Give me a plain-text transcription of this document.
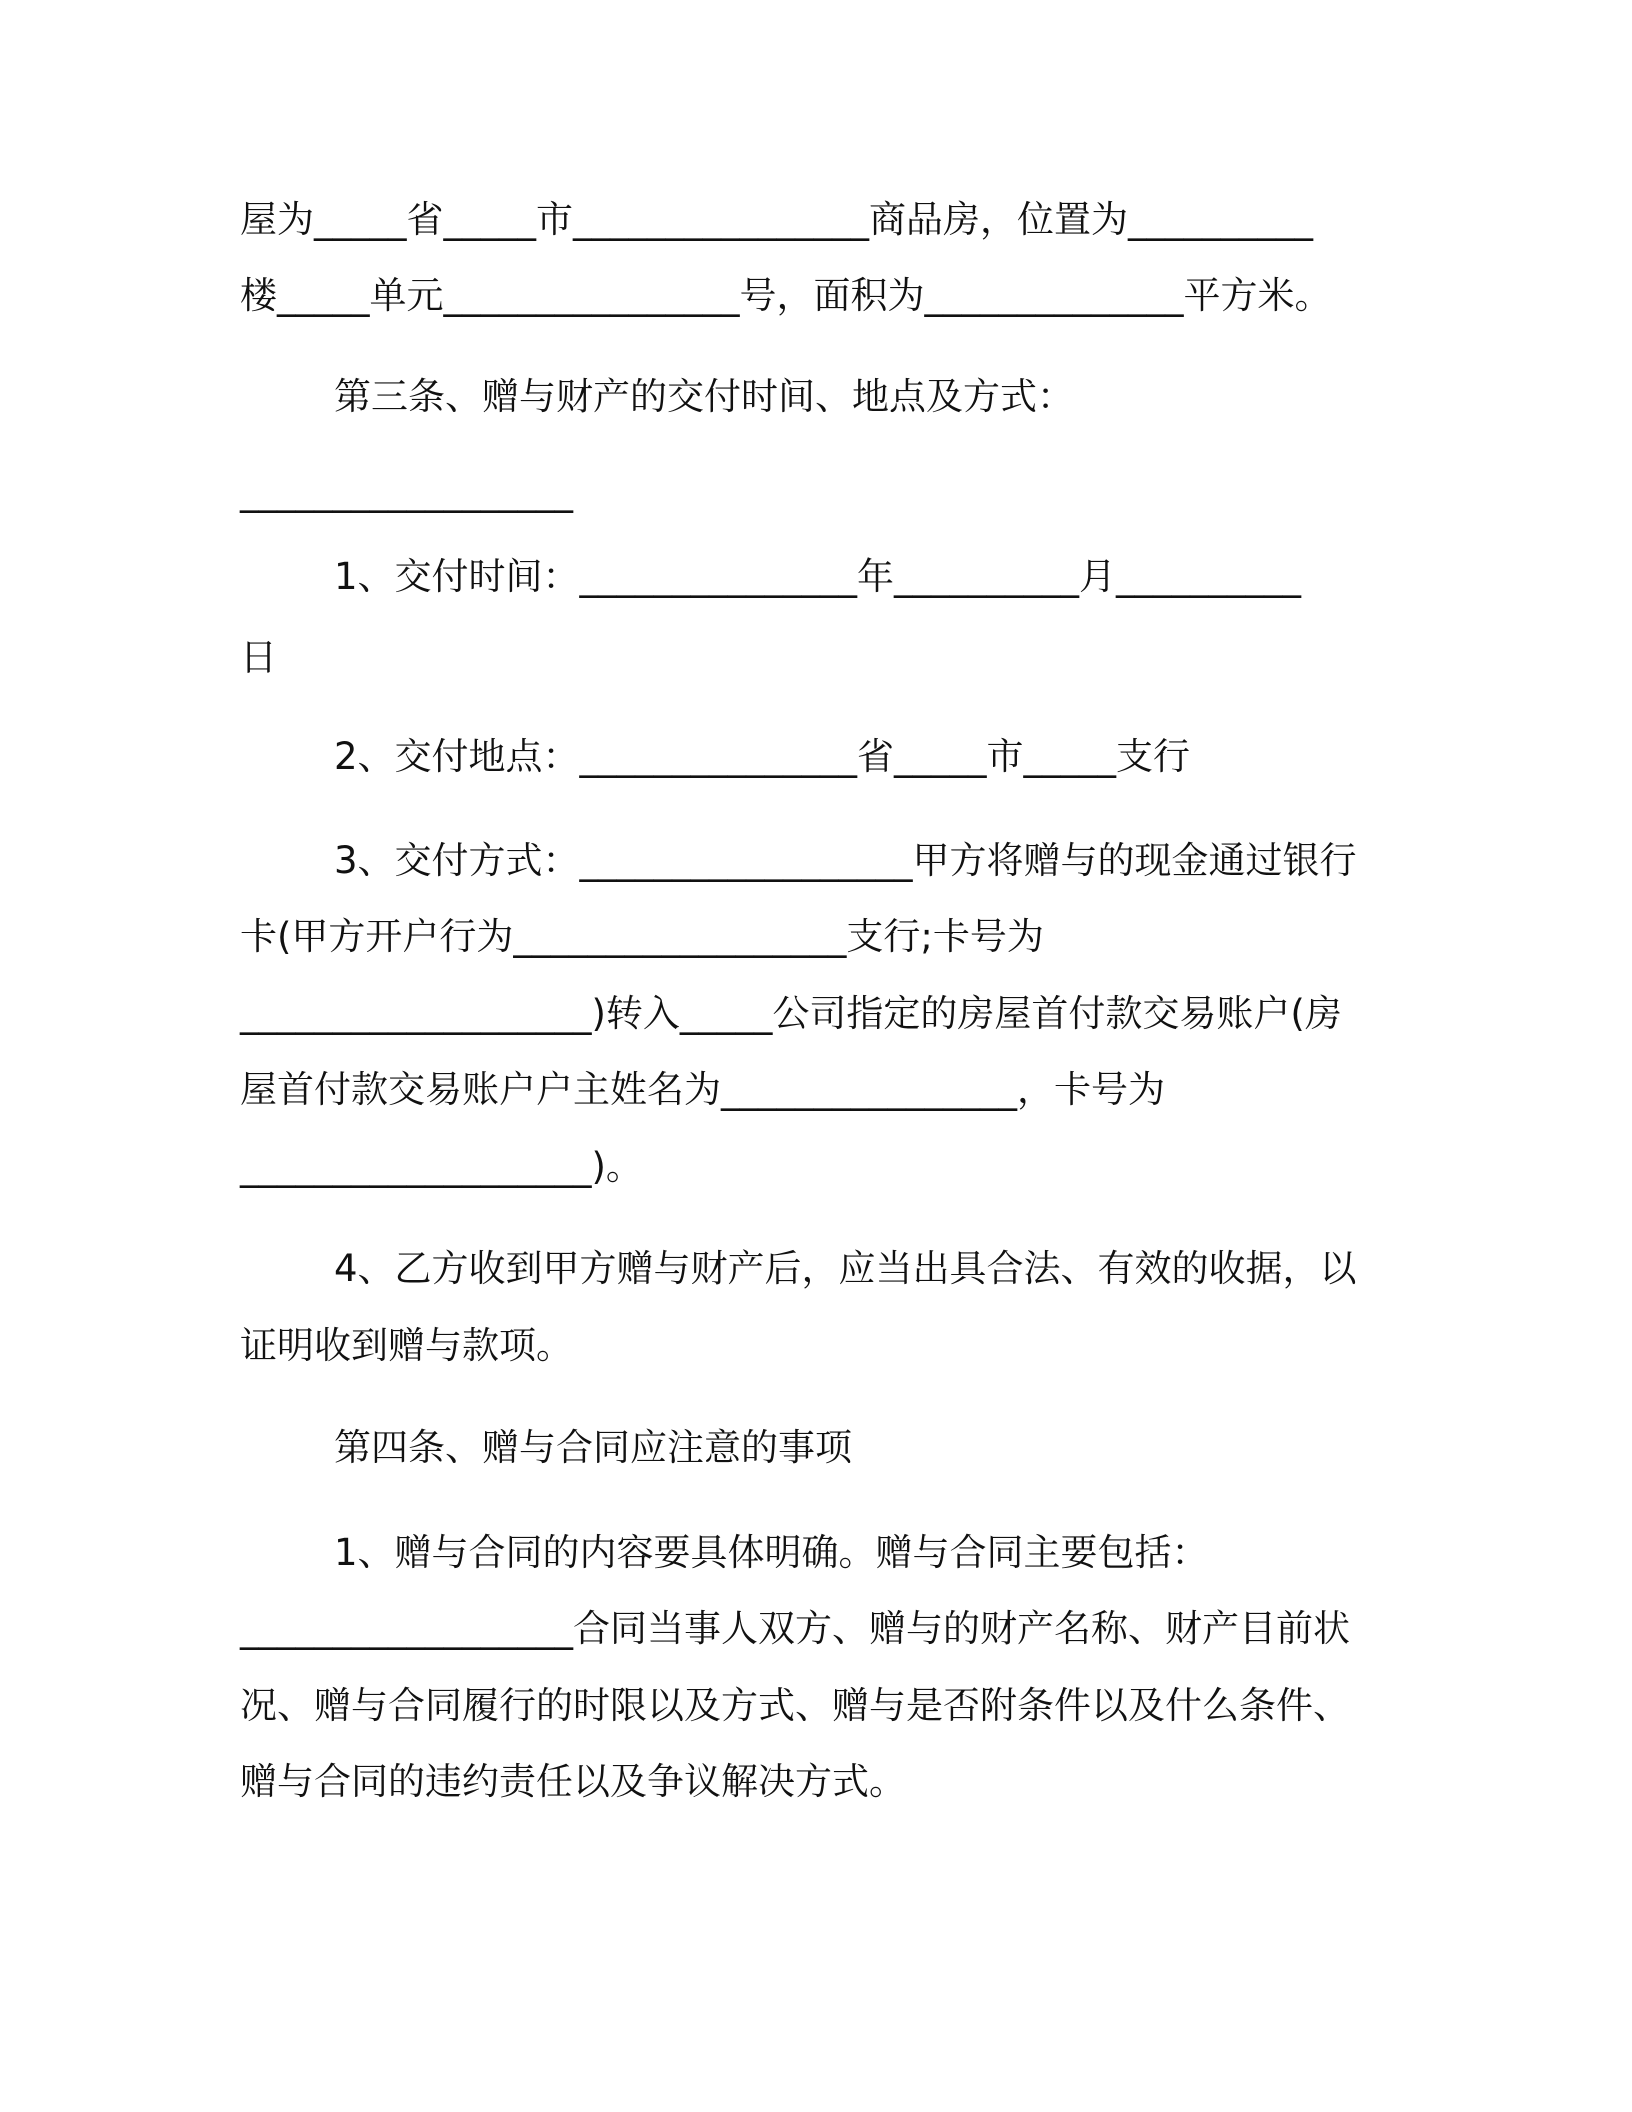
屋为_____省_____市________________商品房，位置为__________
楼_____单元________________号，面积为______________平方米。
第三条、赠与财产的交付时间、地点及方式：
__________________
1、交付时间：_______________年__________月__________
日
2、交付地点：_______________省_____市_____支行
3、交付方式：__________________甲方将赠与的现金通过银行
卡(甲方开户行为__________________支行;卡号为
___________________)转入_____公司指定的房屋首付款交易账户(房
屋首付款交易账户户主姓名为________________，卡号为
___________________)。
4、乙方收到甲方赠与财产后，应当出具合法、有效的收据，以
证明收到赠与款项。
第四条、赠与合同应注意的事项
1、赠与合同的内容要具体明确。赠与合同主要包括：
__________________合同当事人双方、赠与的财产名称、财产目前状
况、赠与合同履行的时限以及方式、赠与是否附条件以及什么条件、
赠与合同的违约责任以及争议解决方式。
